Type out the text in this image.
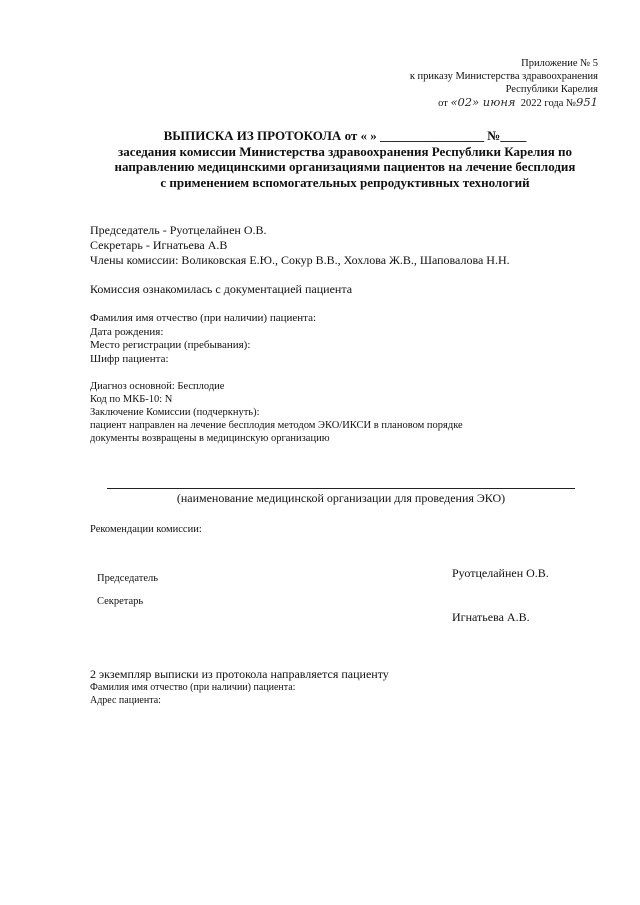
Приложение № 5
к приказу Министерства здравоохранения
Республики Карелия
от «02» июня 2022 года №951
ВЫПИСКА ИЗ ПРОТОКОЛА от « » ________________ №____
заседания комиссии Министерства здравоохранения Республики Карелия по
направлению медицинскими организациями пациентов на лечение бесплодия
с применением вспомогательных репродуктивных технологий
Председатель - Руотцелайнен О.В.
Секретарь - Игнатьева А.В
Члены комиссии: Воликовская Е.Ю., Сокур В.В., Хохлова Ж.В., Шаповалова Н.Н.
Комиссия ознакомилась с документацией пациента
Фамилия имя отчество (при наличии) пациента:
Дата рождения:
Место регистрации (пребывания):
Шифр пациента:
Диагноз основной: Бесплодие
Код по МКБ-10: N
Заключение Комиссии (подчеркнуть):
пациент направлен на лечение бесплодия методом ЭКО/ИКСИ в плановом порядке
документы возвращены в медицинскую организацию
(наименование медицинской организации для проведения ЭКО)
Рекомендации комиссии:
Председатель	Руотцелайнен О.В.
Секретарь
Игнатьева А.В.
2 экземпляр выписки из протокола направляется пациенту
Фамилия имя отчество (при наличии) пациента:
Адрес пациента:
